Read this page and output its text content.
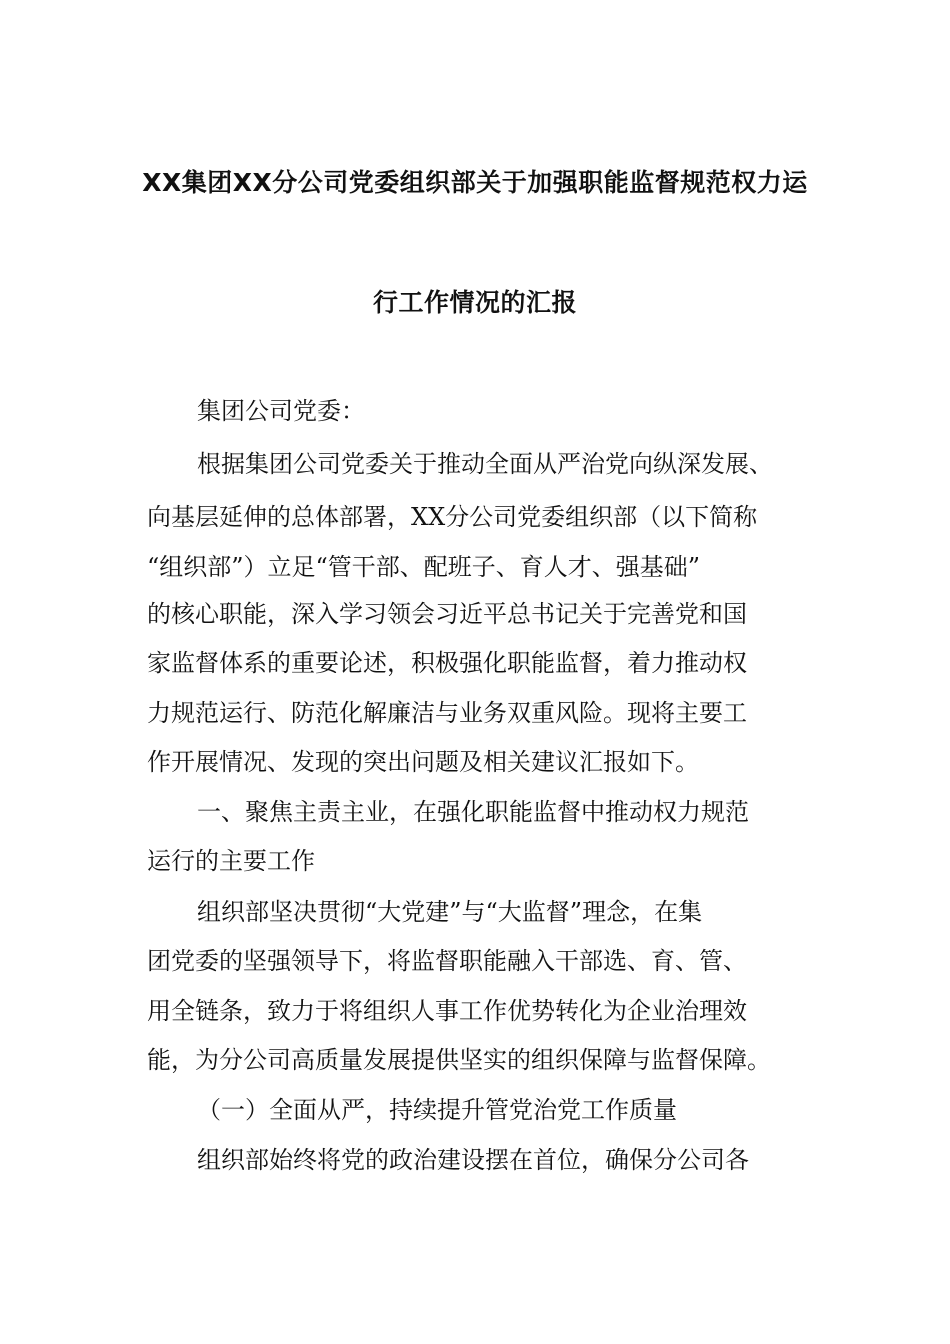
XX集团XX分公司党委组织部关于加强职能监督规范权力运
行工作情况的汇报
集团公司党委：
根据集团公司党委关于推动全面从严治党向纵深发展、
向基层延伸的总体部署，XX分公司党委组织部（以下简称
“组织部”）立足“管干部、配班子、育人才、强基础”
的核心职能，深入学习领会习近平总书记关于完善党和国
家监督体系的重要论述，积极强化职能监督，着力推动权
力规范运行、防范化解廉洁与业务双重风险。现将主要工
作开展情况、发现的突出问题及相关建议汇报如下。
一、聚焦主责主业，在强化职能监督中推动权力规范
运行的主要工作
组织部坚决贯彻“大党建”与“大监督”理念，在集
团党委的坚强领导下，将监督职能融入干部选、育、管、
用全链条，致力于将组织人事工作优势转化为企业治理效
能，为分公司高质量发展提供坚实的组织保障与监督保障。
（一）全面从严，持续提升管党治党工作质量
组织部始终将党的政治建设摆在首位，确保分公司各
